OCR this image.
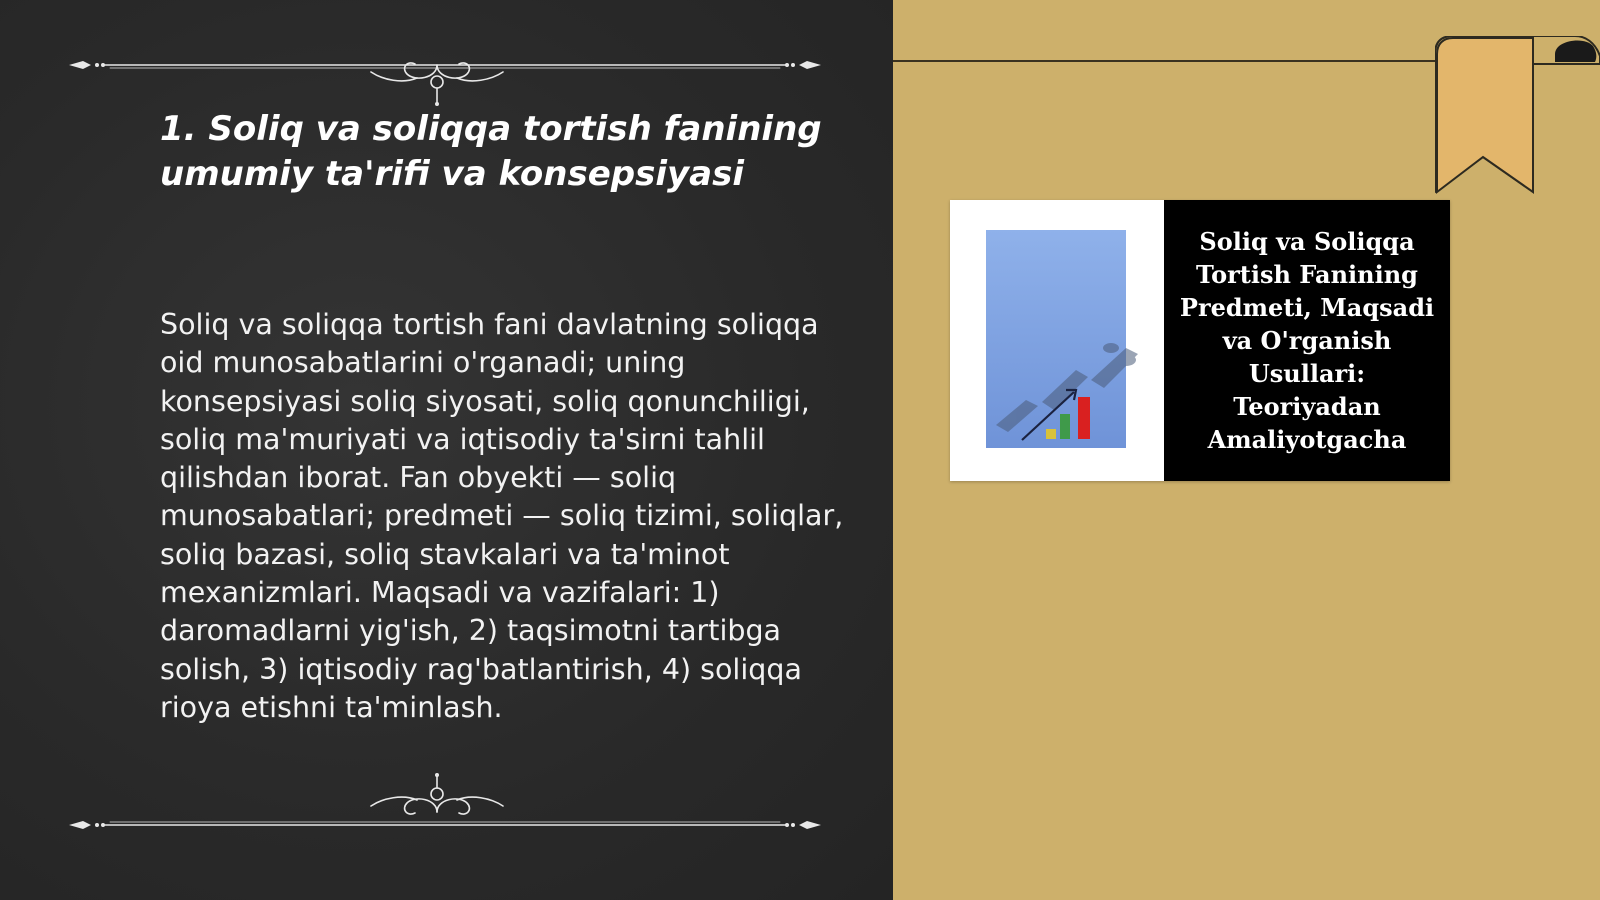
1. Soliq va soliqqa tortish fanining umumiy ta'rifi va konsepsiyasi

Soliq va soliqqa tortish fani davlatning soliqqa oid munosabatlarini o'rganadi; uning konsepsiyasi soliq siyosati, soliq qonunchiligi, soliq ma'muriyati va iqtisodiy ta'sirni tahlil qilishdan iborat. Fan obyekti — soliq munosabatlari; predmeti — soliq tizimi, soliqlar, soliq bazasi, soliq stavkalari va ta'minot mexanizmlari. Maqsadi va vazifalari: 1) daromadlarni yig'ish, 2) taqsimotni tartibga solish, 3) iqtisodiy rag'batlantirish, 4) soliqqa rioya etishni ta'minlash.

Soliq va Soliqqa Tortish Fanining Predmeti, Maqsadi va O'rganish Usullari: Teoriyadan Amaliyotgacha
